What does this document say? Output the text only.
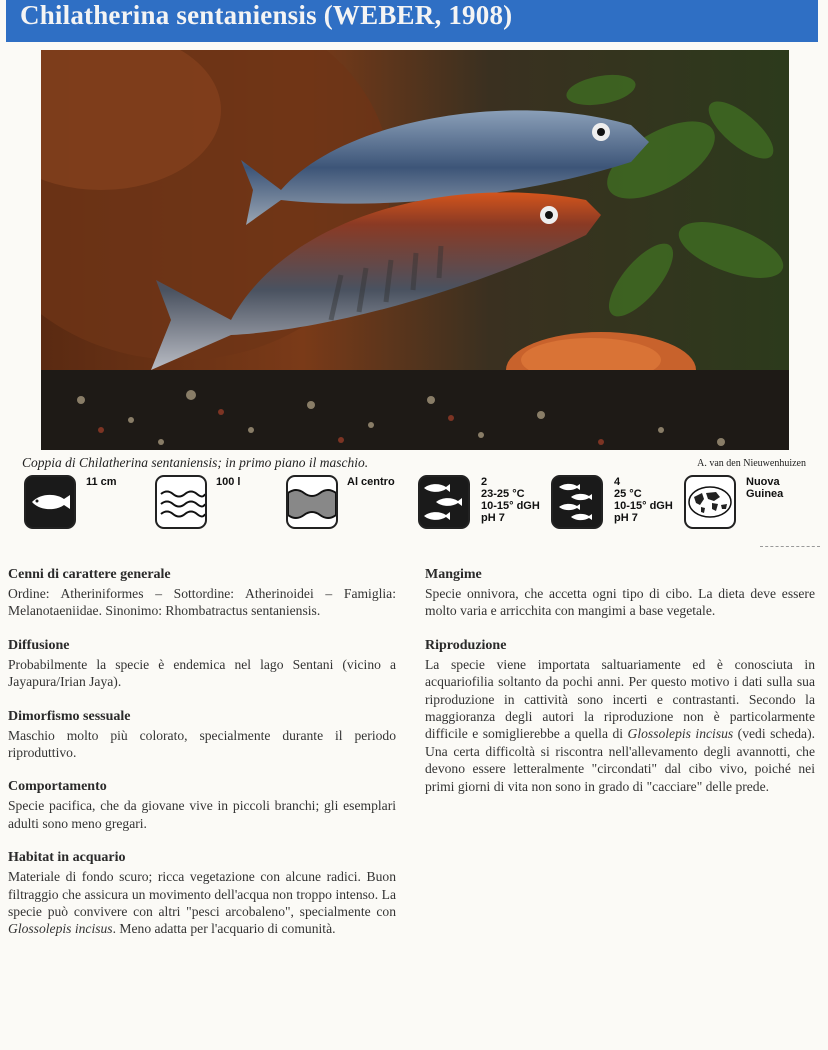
Chilatherina sentaniensis (WEBER, 1908)
Coppia di Chilatherina sentaniensis; in primo piano il maschio.	A. van den Nieuwenhuizen
11 cm	100 l	Al centro	2
23-25 °C
10-15° dGH
pH 7
4
25 °C
10-15° dGH
pH 7
Nuova
Guinea
Cenni di carattere generale

Ordine: Atheriniformes – Sottordine: Atherinoidei – Famiglia: Melanotaeniidae. Sinonimo: Rhombatractus sentaniensis.

Diffusione

Probabilmente la specie è endemica nel lago Sentani (vicino a Jayapura/Irian Jaya).

Dimorfismo sessuale

Maschio molto più colorato, specialmente durante il periodo riproduttivo.

Comportamento

Specie pacifica, che da giovane vive in piccoli branchi; gli esemplari adulti sono meno gregari.

Habitat in acquario

Materiale di fondo scuro; ricca vegetazione con alcune radici. Buon filtraggio che assicura un movimento dell'acqua non troppo intenso. La specie può convivere con altri "pesci arcobaleno", specialmente con Glossolepis incisus. Meno adatta per l'acquario di comunità.

Mangime

Specie onnivora, che accetta ogni tipo di cibo. La dieta deve essere molto varia e arricchita con mangimi a base vegetale.

Riproduzione

La specie viene importata saltuariamente ed è conosciuta in acquariofilia soltanto da pochi anni. Per questo motivo i dati sulla sua riproduzione in cattività sono incerti e contrastanti. Secondo la maggioranza degli autori la riproduzione non è particolarmente difficile e somiglierebbe a quella di Glossolepis incisus (vedi scheda). Una certa difficoltà si riscontra nell'allevamento degli avannotti, che devono essere letteralmente "circondati" dal cibo vivo, poiché nei primi giorni di vita non sono in grado di "cacciare" delle prede.
